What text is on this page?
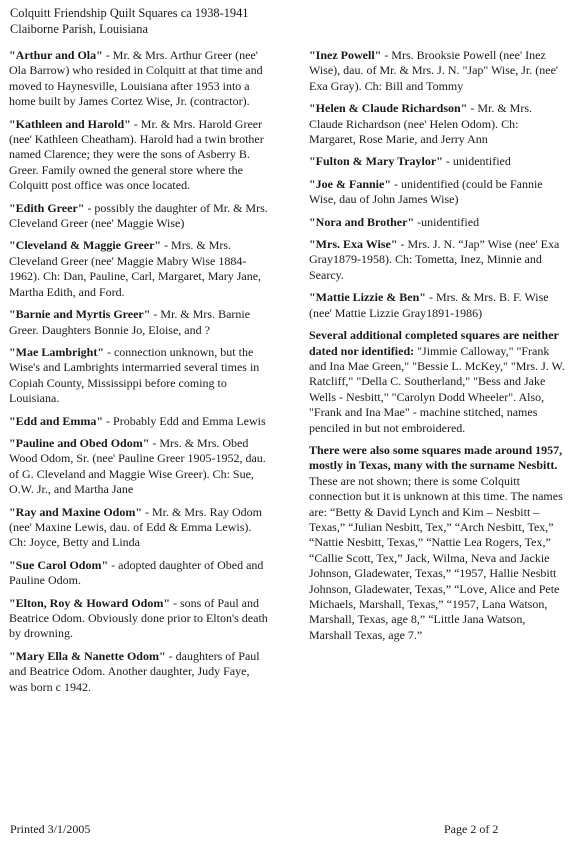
Colquitt Friendship Quilt Squares ca 1938-1941
Claiborne Parish, Louisiana
"Arthur and Ola" - Mr. & Mrs. Arthur Greer (nee' Ola Barrow) who resided in Colquitt at that time and moved to Haynesville, Louisiana after 1953 into a home built by James Cortez Wise, Jr. (contractor).
"Kathleen and Harold" - Mr. & Mrs. Harold Greer (nee' Kathleen Cheatham). Harold had a twin brother named Clarence; they were the sons of Asberry B. Greer. Family owned the general store where the Colquitt post office was once located.
"Edith Greer" - possibly the daughter of Mr. & Mrs. Cleveland Greer (nee' Maggie Wise)
"Cleveland & Maggie Greer" - Mrs. & Mrs. Cleveland Greer (nee' Maggie Mabry Wise 1884-1962). Ch: Dan, Pauline, Carl, Margaret, Mary Jane, Martha Edith, and Ford.
"Barnie and Myrtis Greer" - Mr. & Mrs. Barnie Greer. Daughters Bonnie Jo, Eloise, and ?
"Mae Lambright" - connection unknown, but the Wise's and Lambrights intermarried several times in Copiah County, Mississippi before coming to Louisiana.
"Edd and Emma" - Probably Edd and Emma Lewis
"Pauline and Obed Odom" - Mrs. & Mrs. Obed Wood Odom, Sr. (nee' Pauline Greer 1905-1952, dau. of G. Cleveland and Maggie Wise Greer). Ch: Sue, O.W. Jr., and Martha Jane
"Ray and Maxine Odom" - Mr. & Mrs. Ray Odom (nee' Maxine Lewis, dau. of Edd & Emma Lewis). Ch: Joyce, Betty and Linda
"Sue Carol Odom" - adopted daughter of Obed and Pauline Odom.
"Elton, Roy & Howard Odom" - sons of Paul and Beatrice Odom. Obviously done prior to Elton's death by drowning.
"Mary Ella & Nanette Odom" - daughters of Paul and Beatrice Odom. Another daughter, Judy Faye, was born c 1942.
"Inez Powell" - Mrs. Brooksie Powell (nee' Inez Wise), dau. of Mr. & Mrs. J. N. "Jap" Wise, Jr. (nee' Exa Gray). Ch: Bill and Tommy
"Helen & Claude Richardson" - Mr. & Mrs. Claude Richardson (nee' Helen Odom). Ch: Margaret, Rose Marie, and Jerry Ann
"Fulton & Mary Traylor" - unidentified
"Joe & Fannie" - unidentified (could be Fannie Wise, dau of John James Wise)
"Nora and Brother" -unidentified
"Mrs. Exa Wise" - Mrs. J. N. “Jap” Wise (nee' Exa Gray1879-1958). Ch: Tometta, Inez, Minnie and Searcy.
"Mattie Lizzie & Ben" - Mrs. & Mrs. B. F. Wise (nee' Mattie Lizzie Gray1891-1986)
Several additional completed squares are neither dated nor identified: "Jimmie Calloway," "Frank and Ina Mae Green," "Bessie L. McKey," "Mrs. J. W. Ratcliff," "Della C. Southerland," "Bess and Jake Wells - Nesbitt," "Carolyn Dodd Wheeler". Also, "Frank and Ina Mae" - machine stitched, names penciled in but not embroidered.
There were also some squares made around 1957, mostly in Texas, many with the surname Nesbitt. These are not shown; there is some Colquitt connection but it is unknown at this time. The names are: “Betty & David Lynch and Kim – Nesbitt – Texas,” “Julian Nesbitt, Tex,” “Arch Nesbitt, Tex,” “Nattie Nesbitt, Texas,” “Nattie Lea Rogers, Tex,” “Callie Scott, Tex,” Jack, Wilma, Neva and Jackie Johnson, Gladewater, Texas,” “1957, Hallie Nesbitt Johnson, Gladewater, Texas,” “Love, Alice and Pete Michaels, Marshall, Texas,” “1957, Lana Watson, Marshall, Texas, age 8,” “Little Jana Watson, Marshall Texas, age 7.”
Printed 3/1/2005	Page 2 of 2
